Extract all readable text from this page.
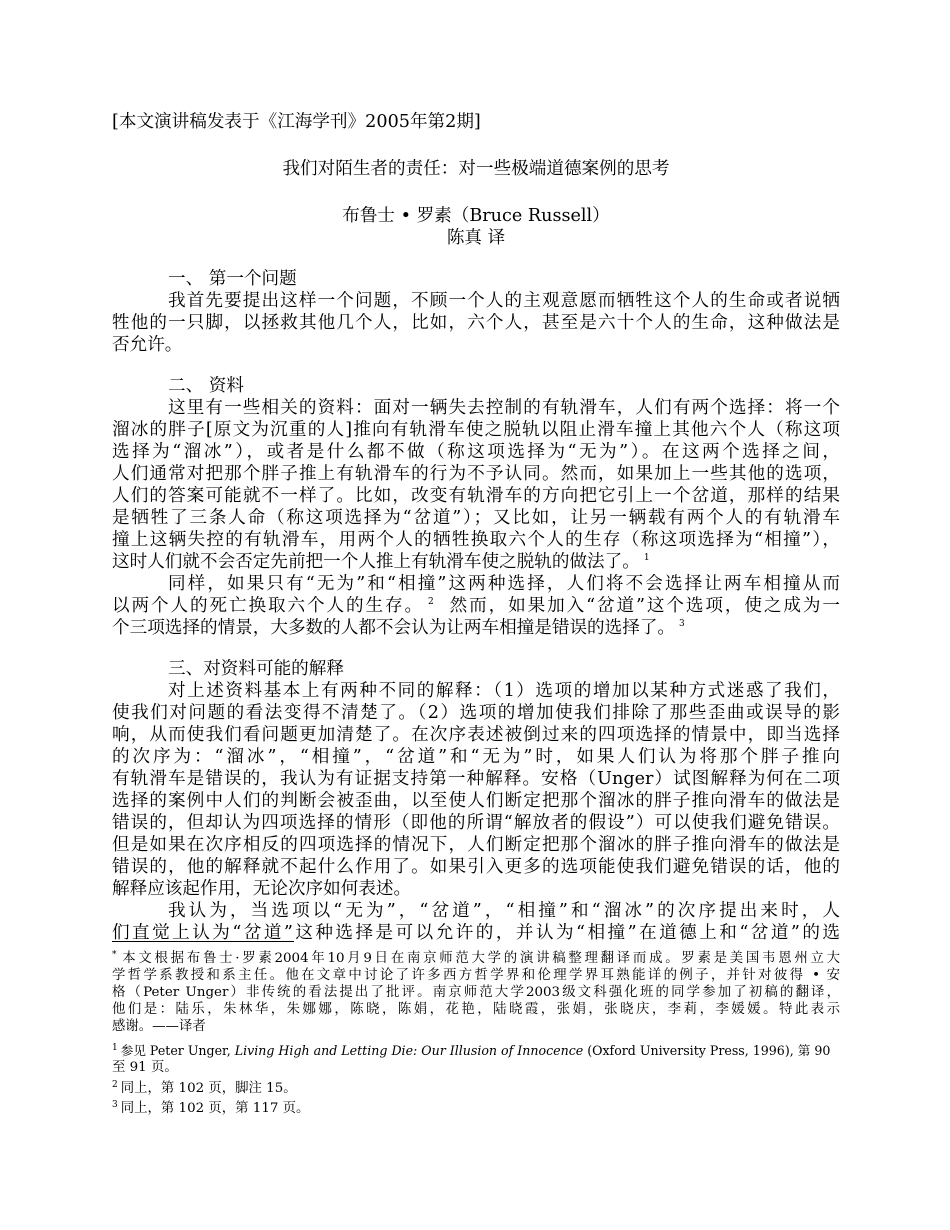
[本文演讲稿发表于《江海学刊》2005年第2期]
我们对陌生者的责任：对一些极端道德案例的思考
布鲁士 • 罗素（Bruce Russell）
陈真 译
一、 第一个问题
我首先要提出这样一个问题，不顾一个人的主观意愿而牺牲这个人的生命或者说牺
牲他的一只脚，以拯救其他几个人，比如，六个人，甚至是六十个人的生命，这种做法是
否允许。
二、 资料
这里有一些相关的资料：面对一辆失去控制的有轨滑车，人们有两个选择：将一个
溜冰的胖子[原文为沉重的人]推向有轨滑车使之脱轨以阻止滑车撞上其他六个人（称这项
选择为“溜冰”），或者是什么都不做（称这项选择为“无为”）。在这两个选择之间，
人们通常对把那个胖子推上有轨滑车的行为不予认同。然而，如果加上一些其他的选项，
人们的答案可能就不一样了。比如，改变有轨滑车的方向把它引上一个岔道，那样的结果
是牺牲了三条人命（称这项选择为“岔道”）；又比如，让另一辆载有两个人的有轨滑车
撞上这辆失控的有轨滑车，用两个人的牺牲换取六个人的生存（称这项选择为“相撞”），
这时人们就不会否定先前把一个人推上有轨滑车使之脱轨的做法了。 $^1$
同样，如果只有“无为”和“相撞”这两种选择，人们将不会选择让两车相撞从而
以两个人的死亡换取六个人的生存。 $^2$ 然而，如果加入“岔道”这个选项，使之成为一
个三项选择的情景，大多数的人都不会认为让两车相撞是错误的选择了。 $^3$
三、对资料可能的解释
对上述资料基本上有两种不同的解释：（1）选项的增加以某种方式迷惑了我们，
使我们对问题的看法变得不清楚了。（2）选项的增加使我们排除了那些歪曲或误导的影
响，从而使我们看问题更加清楚了。在次序表述被倒过来的四项选择的情景中，即当选择
的次序为：“溜冰”，“相撞”，“岔道”和“无为”时，如果人们认为将那个胖子推向
有轨滑车是错误的，我认为有证据支持第一种解释。安格（Unger）试图解释为何在二项
选择的案例中人们的判断会被歪曲，以至使人们断定把那个溜冰的胖子推向滑车的做法是
错误的，但却认为四项选择的情形（即他的所谓“解放者的假设”）可以使我们避免错误。
但是如果在次序相反的四项选择的情况下，人们断定把那个溜冰的胖子推向滑车的做法是
错误的，他的解释就不起什么作用了。如果引入更多的选项能使我们避免错误的话，他的
解释应该起作用，无论次序如何表述。
我认为，当选项以“无为”，“岔道”，“相撞”和“溜冰”的次序提出来时，人
们直觉上认为“岔道”这种选择是可以允许的，并认为“相撞”在道德上和“岔道”的选
* 本文根据布鲁士·罗素2004年10月9日在南京师范大学的演讲稿整理翻译而成。罗素是美国韦恩州立大
学哲学系教授和系主任。他在文章中讨论了许多西方哲学界和伦理学界耳熟能详的例子，并针对彼得 • 安
格（Peter Unger）非传统的看法提出了批评。南京师范大学2003级文科强化班的同学参加了初稿的翻译，
他们是：陆乐，朱林华，朱娜娜，陈晓，陈娟，花艳，陆晓霞，张娟，张晓庆，李莉，李媛媛。特此表示
感谢。——译者
$^1$ 参见 Peter Unger, Living High and Letting Die: Our Illusion of Innocence (Oxford University Press, 1996), 第 90
至 91 页。
$^2$ 同上，第 102 页，脚注 15。
$^3$ 同上，第 102 页，第 117 页。
